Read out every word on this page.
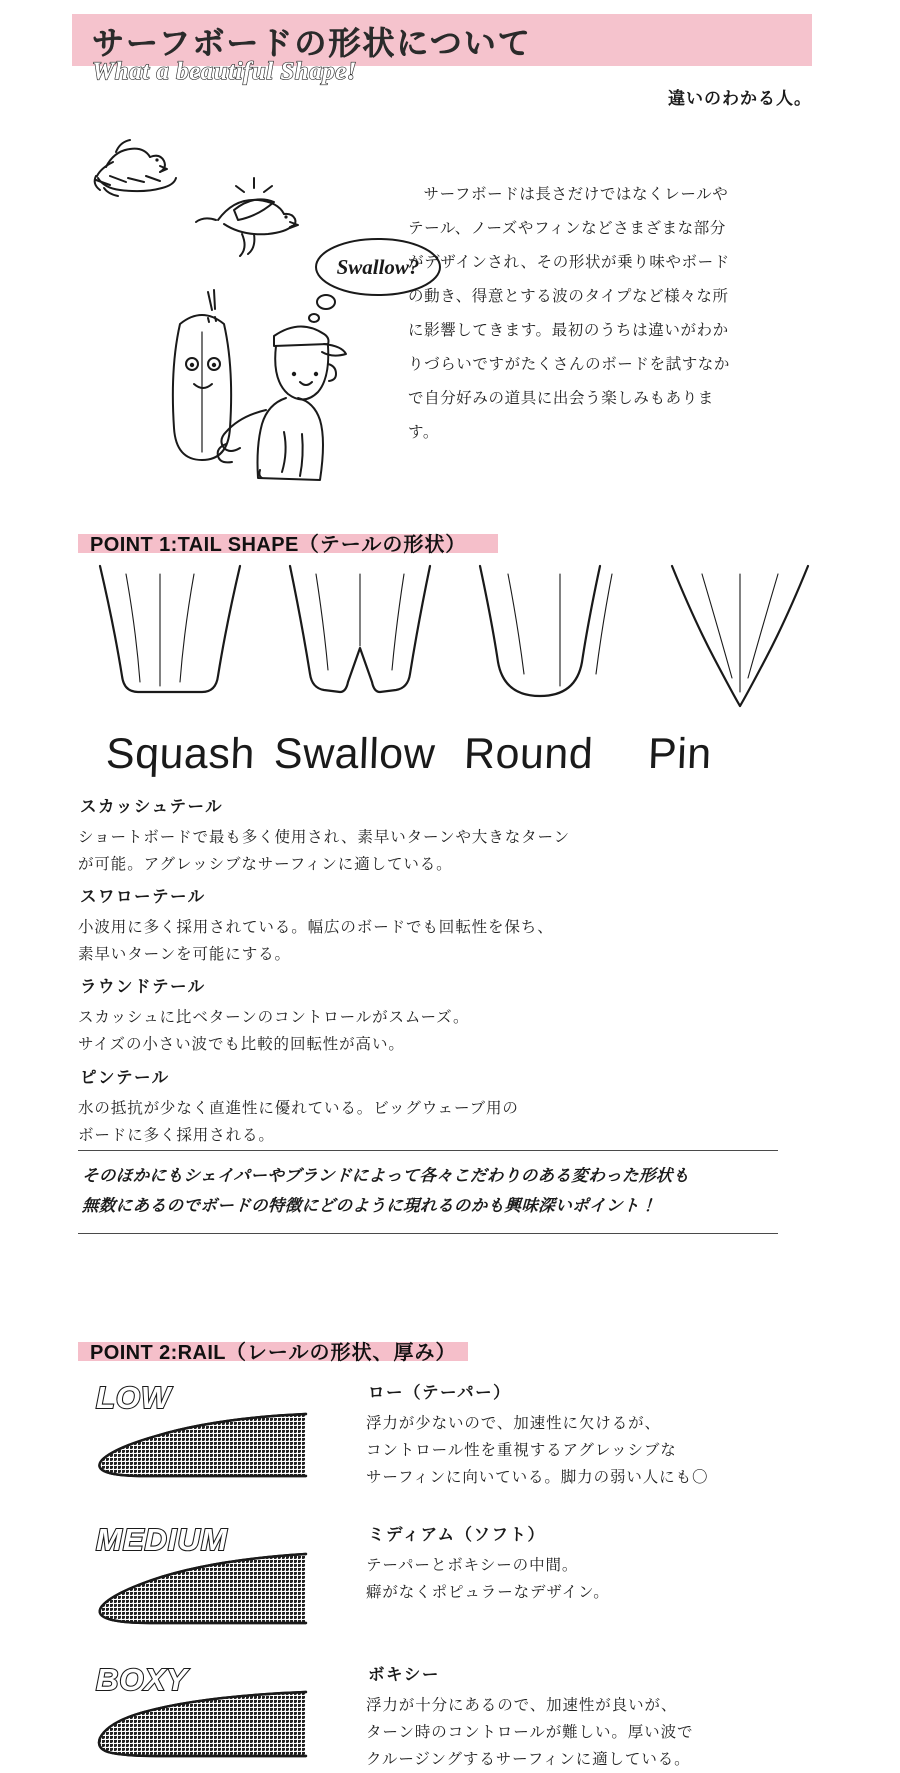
サーフボードの形状について
What a beautiful Shape!
違いのわかる人。
Swallow?

サーフボードは長さだけではなくレールやテール、ノーズやフィンなどさまざまな部分がデザインされ、その形状が乗り味やボードの動き、得意とする波のタイプなど様々な所に影響してきます。最初のうちは違いがわかりづらいですがたくさんのボードを試すなかで自分好みの道具に出会う楽しみもあります。

POINT 1:TAIL SHAPE（テールの形状）
Squash Swallow Round Pin
スカッシュテール
ショートボードで最も多く使用され、素早いターンや大きなターン
が可能。アグレッシブなサーフィンに適している。
スワローテール
小波用に多く採用されている。幅広のボードでも回転性を保ち、
素早いターンを可能にする。
ラウンドテール
スカッシュに比ベターンのコントロールがスムーズ。
サイズの小さい波でも比較的回転性が高い。
ピンテール
水の抵抗が少なく直進性に優れている。ビッグウェーブ用の
ボードに多く採用される。
そのほかにもシェイパーやブランドによって各々こだわりのある変わった形状も
無数にあるのでボードの特徴にどのように現れるのかも興味深いポイント！
POINT 2:RAIL（レールの形状、厚み）
LOW	ロー（テーパー）
浮力が少ないので、加速性に欠けるが、
コントロール性を重視するアグレッシブな
サーフィンに向いている。脚力の弱い人にも〇
MEDIUM	ミディアム（ソフト）
テーパーとボキシーの中間。
癖がなくポピュラーなデザイン。
BOXY	ボキシー
浮力が十分にあるので、加速性が良いが、
ターン時のコントロールが難しい。厚い波で
クルージングするサーフィンに適している。
